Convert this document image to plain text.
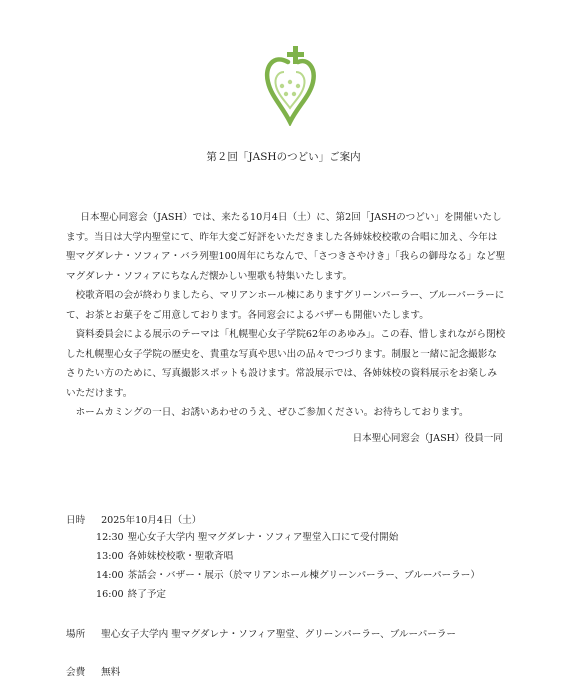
第２回「JASHのつどい」ご案内

日本聖心同窓会（JASH）では、来たる10月4日（土）に、第2回「JASHのつどい」を開催いたします。当日は大学内聖堂にて、昨年大変ご好評をいただきました各姉妹校校歌の合唱に加え、今年は聖マグダレナ・ソフィア・バラ列聖100周年にちなんで、「さつきさやけき」「我らの御母なる」など聖マグダレナ・ソフィアにちなんだ懐かしい聖歌も特集いたします。

校歌斉唱の会が終わりましたら、マリアンホール棟にありますグリーンパーラー、ブルーパーラーにて、お茶とお菓子をご用意しております。各同窓会によるバザーも開催いたします。

資料委員会による展示のテーマは「札幌聖心女子学院62年のあゆみ」。この春、惜しまれながら閉校した札幌聖心女子学院の歴史を、貴重な写真や思い出の品々でつづります。制服と一緒に記念撮影なさりたい方のために、写真撮影スポットも設けます。常設展示では、各姉妹校の資料展示をお楽しみいただけます。

ホームカミングの一日、お誘いあわせのうえ、ぜひご参加ください。お待ちしております。

日本聖心同窓会（JASH）役員一同
日時 2025年10月4日（土）
12:30 聖心女子大学内 聖マグダレナ・ソフィア聖堂入口にて受付開始
13:00 各姉妹校校歌・聖歌斉唱
14:00 茶話会・バザー・展示（於マリアンホール棟グリーンパーラー、ブルーパーラー）
16:00 終了予定
場所 聖心女子大学内 聖マグダレナ・ソフィア聖堂、グリーンパーラー、ブルーパーラー
会費 無料
